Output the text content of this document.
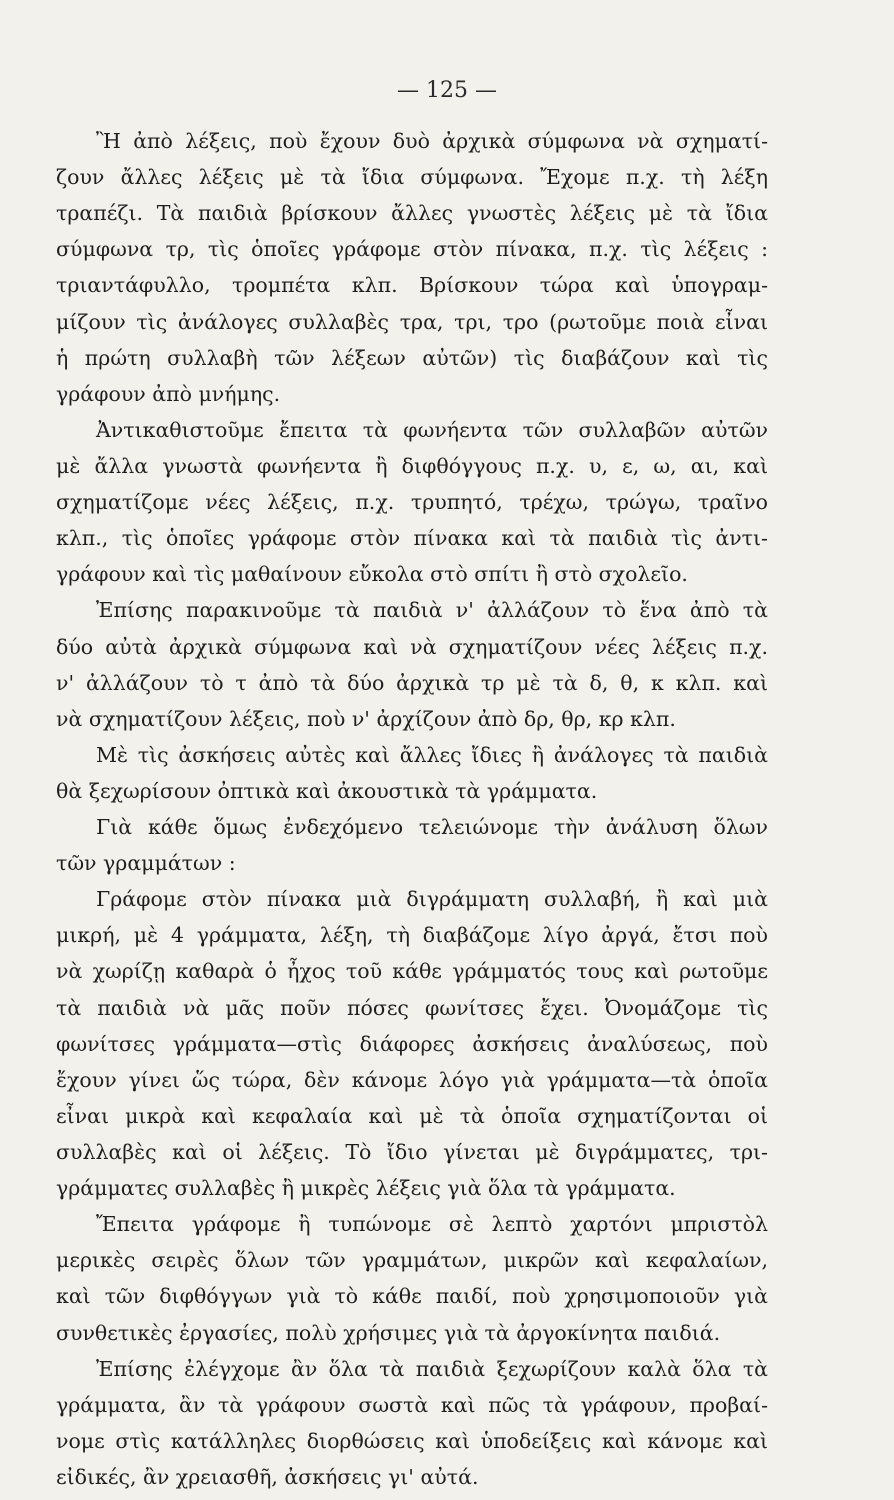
— 125 —
Ἢ ἀπὸ λέξεις, ποὺ ἔχουν δυὸ ἀρχικὰ σύμφωνα νὰ σχηματί-
ζουν ἄλλες λέξεις μὲ τὰ ἴδια σύμφωνα. Ἔχομε π.χ. τὴ λέξη
τραπέζι. Τὰ παιδιὰ βρίσκουν ἄλλες γνωστὲς λέξεις μὲ τὰ ἴδια
σύμφωνα τρ, τὶς ὁποῖες γράφομε στὸν πίνακα, π.χ. τὶς λέξεις :
τριαντάφυλλο, τρομπέτα κλπ. Βρίσκουν τώρα καὶ ὑπογραμ-
μίζουν τὶς ἀνάλογες συλλαβὲς τρα, τρι, τρο (ρωτοῦμε ποιὰ εἶναι
ἡ πρώτη συλλαβὴ τῶν λέξεων αὐτῶν) τὶς διαβάζουν καὶ τὶς
γράφουν ἀπὸ μνήμης.
Ἀντικαθιστοῦμε ἔπειτα τὰ φωνήεντα τῶν συλλαβῶν αὐτῶν
μὲ ἄλλα γνωστὰ φωνήεντα ἢ διφθόγγους π.χ. υ, ε, ω, αι, καὶ
σχηματίζομε νέες λέξεις, π.χ. τρυπητό, τρέχω, τρώγω, τραῖνο
κλπ., τὶς ὁποῖες γράφομε στὸν πίνακα καὶ τὰ παιδιὰ τὶς ἀντι-
γράφουν καὶ τὶς μαθαίνουν εὔκολα στὸ σπίτι ἢ στὸ σχολεῖο.
Ἐπίσης παρακινοῦμε τὰ παιδιὰ ν' ἀλλάζουν τὸ ἕνα ἀπὸ τὰ
δύο αὐτὰ ἀρχικὰ σύμφωνα καὶ νὰ σχηματίζουν νέες λέξεις π.χ.
ν' ἀλλάζουν τὸ τ ἀπὸ τὰ δύο ἀρχικὰ τρ μὲ τὰ δ, θ, κ κλπ. καὶ
νὰ σχηματίζουν λέξεις, ποὺ ν' ἀρχίζουν ἀπὸ δρ, θρ, κρ κλπ.
Μὲ τὶς ἀσκήσεις αὐτὲς καὶ ἄλλες ἴδιες ἢ ἀνάλογες τὰ παιδιὰ
θὰ ξεχωρίσουν ὀπτικὰ καὶ ἀκουστικὰ τὰ γράμματα.
Γιὰ κάθε ὅμως ἐνδεχόμενο τελειώνομε τὴν ἀνάλυση ὅλων
τῶν γραμμάτων :
Γράφομε στὸν πίνακα μιὰ διγράμματη συλλαβή, ἢ καὶ μιὰ
μικρή, μὲ 4 γράμματα, λέξη, τὴ διαβάζομε λίγο ἀργά, ἔτσι ποὺ
νὰ χωρίζῃ καθαρὰ ὁ ἦχος τοῦ κάθε γράμματός τους καὶ ρωτοῦμε
τὰ παιδιὰ νὰ μᾶς ποῦν πόσες φωνίτσες ἔχει. Ὀνομάζομε τὶς
φωνίτσες γράμματα—στὶς διάφορες ἀσκήσεις ἀναλύσεως, ποὺ
ἔχουν γίνει ὥς τώρα, δὲν κάνομε λόγο γιὰ γράμματα—τὰ ὁποῖα
εἶναι μικρὰ καὶ κεφαλαία καὶ μὲ τὰ ὁποῖα σχηματίζονται οἱ
συλλαβὲς καὶ οἱ λέξεις. Τὸ ἴδιο γίνεται μὲ διγράμματες, τρι-
γράμματες συλλαβὲς ἢ μικρὲς λέξεις γιὰ ὅλα τὰ γράμματα.
Ἔπειτα γράφομε ἢ τυπώνομε σὲ λεπτὸ χαρτόνι μπριστὸλ
μερικὲς σειρὲς ὅλων τῶν γραμμάτων, μικρῶν καὶ κεφαλαίων,
καὶ τῶν διφθόγγων γιὰ τὸ κάθε παιδί, ποὺ χρησιμοποιοῦν γιὰ
συνθετικὲς ἐργασίες, πολὺ χρήσιμες γιὰ τὰ ἀργοκίνητα παιδιά.
Ἐπίσης ἐλέγχομε ἂν ὅλα τὰ παιδιὰ ξεχωρίζουν καλὰ ὅλα τὰ
γράμματα, ἂν τὰ γράφουν σωστὰ καὶ πῶς τὰ γράφουν, προβαί-
νομε στὶς κατάλληλες διορθώσεις καὶ ὑποδείξεις καὶ κάνομε καὶ
εἰδικές, ἂν χρειασθῆ, ἀσκήσεις γι' αὐτά.
